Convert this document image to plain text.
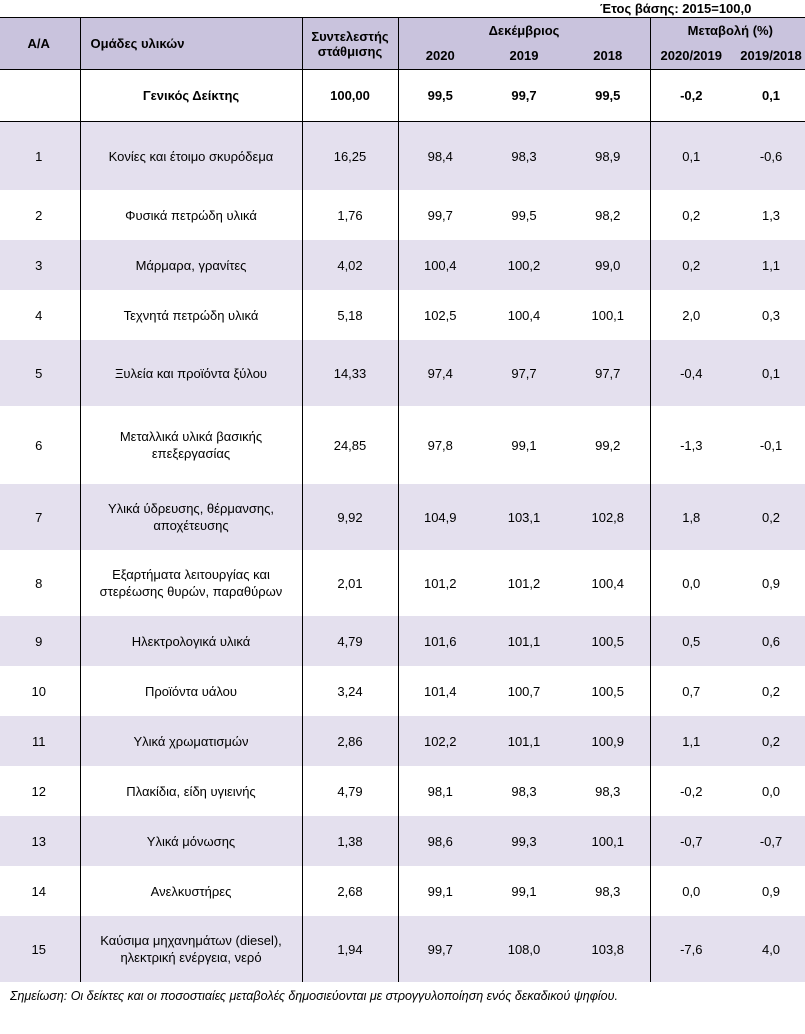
Έτος βάσης: 2015=100,0
Α/Α	Ομάδες υλικών	Συντελεστής στάθμισης	Δεκέμβριος			Μεταβολή (%)	
			2020	2019	2018	2020/2019	2019/2018
	Γενικός Δείκτης	100,00	99,5	99,7	99,5	-0,2	0,1
1	Κονίες και έτοιμο σκυρόδεμα	16,25	98,4	98,3	98,9	0,1	-0,6
2	Φυσικά πετρώδη υλικά	1,76	99,7	99,5	98,2	0,2	1,3
3	Μάρμαρα, γρανίτες	4,02	100,4	100,2	99,0	0,2	1,1
4	Τεχνητά πετρώδη υλικά	5,18	102,5	100,4	100,1	2,0	0,3
5	Ξυλεία και προϊόντα ξύλου	14,33	97,4	97,7	97,7	-0,4	0,1
6	Μεταλλικά υλικά βασικής επεξεργασίας	24,85	97,8	99,1	99,2	-1,3	-0,1
7	Υλικά ύδρευσης, θέρμανσης, αποχέτευσης	9,92	104,9	103,1	102,8	1,8	0,2
8	Εξαρτήματα λειτουργίας και στερέωσης θυρών, παραθύρων	2,01	101,2	101,2	100,4	0,0	0,9
9	Ηλεκτρολογικά υλικά	4,79	101,6	101,1	100,5	0,5	0,6
10	Προϊόντα υάλου	3,24	101,4	100,7	100,5	0,7	0,2
11	Υλικά χρωματισμών	2,86	102,2	101,1	100,9	1,1	0,2
12	Πλακίδια, είδη υγιεινής	4,79	98,1	98,3	98,3	-0,2	0,0
13	Υλικά μόνωσης	1,38	98,6	99,3	100,1	-0,7	-0,7
14	Ανελκυστήρες	2,68	99,1	99,1	98,3	0,0	0,9
15	Καύσιμα μηχανημάτων (diesel), ηλεκτρική ενέργεια, νερό	1,94	99,7	108,0	103,8	-7,6	4,0
Σημείωση: Οι δείκτες και οι ποσοστιαίες μεταβολές δημοσιεύονται με στρογγυλοποίηση ενός δεκαδικού ψηφίου.
